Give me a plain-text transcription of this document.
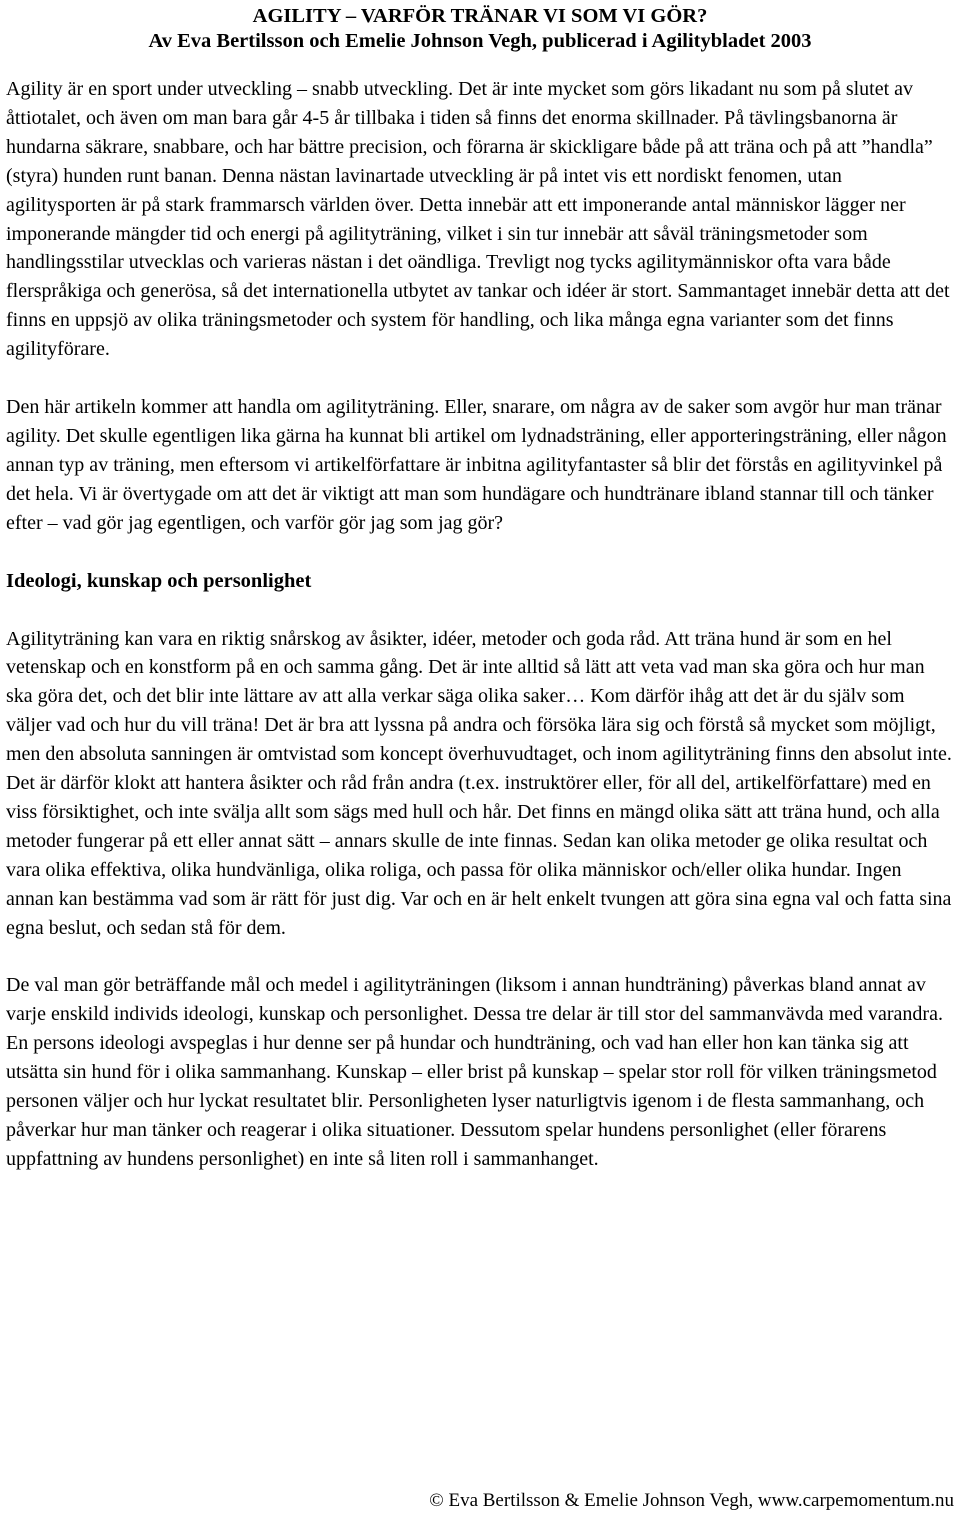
AGILITY – VARFÖR TRÄNAR VI SOM VI GÖR?
Av Eva Bertilsson och Emelie Johnson Vegh, publicerad i Agilitybladet 2003

Agility är en sport under utveckling – snabb utveckling. Det är inte mycket som görs likadant nu som på slutet av åttiotalet, och även om man bara går 4-5 år tillbaka i tiden så finns det enorma skillnader. På tävlingsbanorna är hundarna säkrare, snabbare, och har bättre precision, och förarna är skickligare både på att träna och på att ”handla” (styra) hunden runt banan. Denna nästan lavinartade utveckling är på intet vis ett nordiskt fenomen, utan agilitysporten är på stark frammarsch världen över. Detta innebär att ett imponerande antal människor lägger ner imponerande mängder tid och energi på agilityträning, vilket i sin tur innebär att såväl träningsmetoder som handlingsstilar utvecklas och varieras nästan i det oändliga. Trevligt nog tycks agilitymänniskor ofta vara både flerspråkiga och generösa, så det internationella utbytet av tankar och idéer är stort. Sammantaget innebär detta att det finns en uppsjö av olika träningsmetoder och system för handling, och lika många egna varianter som det finns agilityförare.

Den här artikeln kommer att handla om agilityträning. Eller, snarare, om några av de saker som avgör hur man tränar agility. Det skulle egentligen lika gärna ha kunnat bli artikel om lydnadsträning, eller apporteringsträning, eller någon annan typ av träning, men eftersom vi artikelförfattare är inbitna agilityfantaster så blir det förstås en agilityvinkel på det hela. Vi är övertygade om att det är viktigt att man som hundägare och hundtränare ibland stannar till och tänker efter – vad gör jag egentligen, och varför gör jag som jag gör?

Ideologi, kunskap och personlighet

Agilityträning kan vara en riktig snårskog av åsikter, idéer, metoder och goda råd. Att träna hund är som en hel vetenskap och en konstform på en och samma gång. Det är inte alltid så lätt att veta vad man ska göra och hur man ska göra det, och det blir inte lättare av att alla verkar säga olika saker… Kom därför ihåg att det är du själv som väljer vad och hur du vill träna! Det är bra att lyssna på andra och försöka lära sig och förstå så mycket som möjligt, men den absoluta sanningen är omtvistad som koncept överhuvudtaget, och inom agilityträning finns den absolut inte. Det är därför klokt att hantera åsikter och råd från andra (t.ex. instruktörer eller, för all del, artikelförfattare) med en viss försiktighet, och inte svälja allt som sägs med hull och hår. Det finns en mängd olika sätt att träna hund, och alla metoder fungerar på ett eller annat sätt – annars skulle de inte finnas. Sedan kan olika metoder ge olika resultat och vara olika effektiva, olika hundvänliga, olika roliga, och passa för olika människor och/eller olika hundar. Ingen annan kan bestämma vad som är rätt för just dig. Var och en är helt enkelt tvungen att göra sina egna val och fatta sina egna beslut, och sedan stå för dem.

De val man gör beträffande mål och medel i agilityträningen (liksom i annan hundträning) påverkas bland annat av varje enskild individs ideologi, kunskap och personlighet. Dessa tre delar är till stor del sammanvävda med varandra. En persons ideologi avspeglas i hur denne ser på hundar och hundträning, och vad han eller hon kan tänka sig att utsätta sin hund för i olika sammanhang. Kunskap – eller brist på kunskap – spelar stor roll för vilken träningsmetod personen väljer och hur lyckat resultatet blir. Personligheten lyser naturligtvis igenom i de flesta sammanhang, och påverkar hur man tänker och reagerar i olika situationer. Dessutom spelar hundens personlighet (eller förarens uppfattning av hundens personlighet) en inte så liten roll i sammanhanget.

© Eva Bertilsson & Emelie Johnson Vegh, www.carpemomentum.nu
